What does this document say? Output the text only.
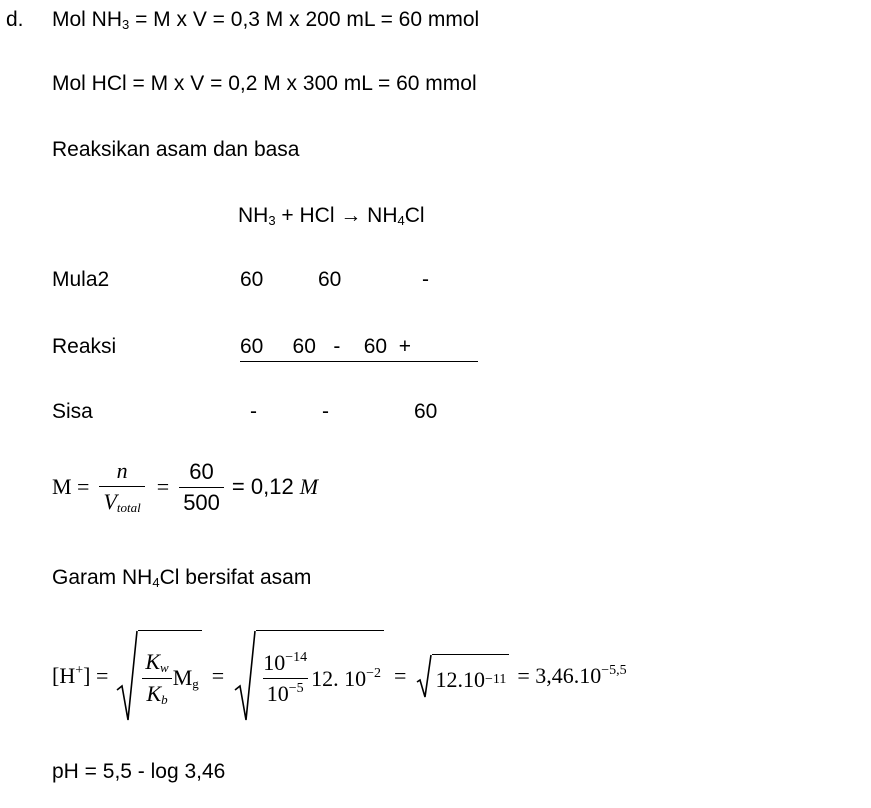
d. Mol $NH_3 = M$ x V = 0,3 M x 200 mL = 60 mmol
Mol HCl = M x V = 0,2 M x 300 mL = 60 mmol
Reaksikan asam dan basa
$NH_3$ + HCl → $NH_4Cl$
Mula2	60	60	-
Reaksi	60     60   -    60  +
Sisa	-	-	60
$M = \frac{n}{V_{total}} = \frac{60}{500} = 0,12$ M
Garam $NH_4Cl$ bersifat asam
$[H^+] = \frac{K_w}{K_b} M_g = \frac{10^{-14}}{10^{-5}} 12$. $10^{-2} = 12.10 -11 = 3,46.10^{-5,5}$
pH = 5,5 - log 3,46
